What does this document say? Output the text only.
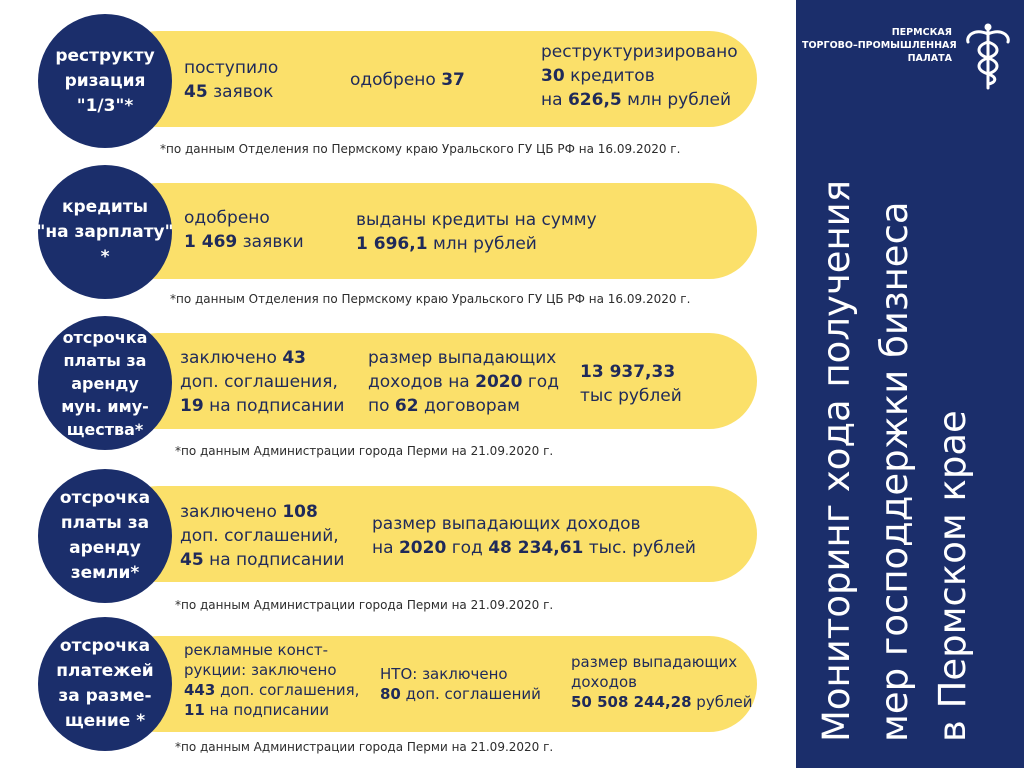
реструкту
ризация
"1/3"*
поступило
45 заявок
одобрено 37
реструктуризировано
30 кредитов
на 626,5 млн рублей
*по данным Отделения по Пермскому краю Уральского ГУ ЦБ РФ на 16.09.2020 г.
кредиты
"на зарплату"
*
одобрено
1 469 заявки
выданы кредиты на сумму
1 696,1 млн рублей
*по данным Отделения по Пермскому краю Уральского ГУ ЦБ РФ на 16.09.2020 г.
отсрочка
платы за
аренду
мун. иму-
щества*
заключено 43
доп. соглашения,
19 на подписании
размер выпадающих
доходов на 2020 год
по 62 договорам
13 937,33
тыс рублей
*по данным Администрации города Перми на 21.09.2020 г.
отсрочка
платы за
аренду
земли*
заключено 108
доп. соглашений,
45 на подписании
размер выпадающих доходов
на 2020 год 48 234,61 тыс. рублей
*по данным Администрации города Перми на 21.09.2020 г.
отсрочка
платежей
за разме-
щение *
рекламные конст-
рукции: заключено
443 доп. соглашения,
11 на подписании
НТО: заключено
80 доп. соглашений
размер выпадающих
доходов
50 508 244,28 рублей
*по данным Администрации города Перми на 21.09.2020 г.
ПЕРМСКАЯ
ТОРГОВО–ПРОМЫШЛЕННАЯ
ПАЛАТА
Мониторинг хода получения мер господдержки бизнеса в Пермском крае
